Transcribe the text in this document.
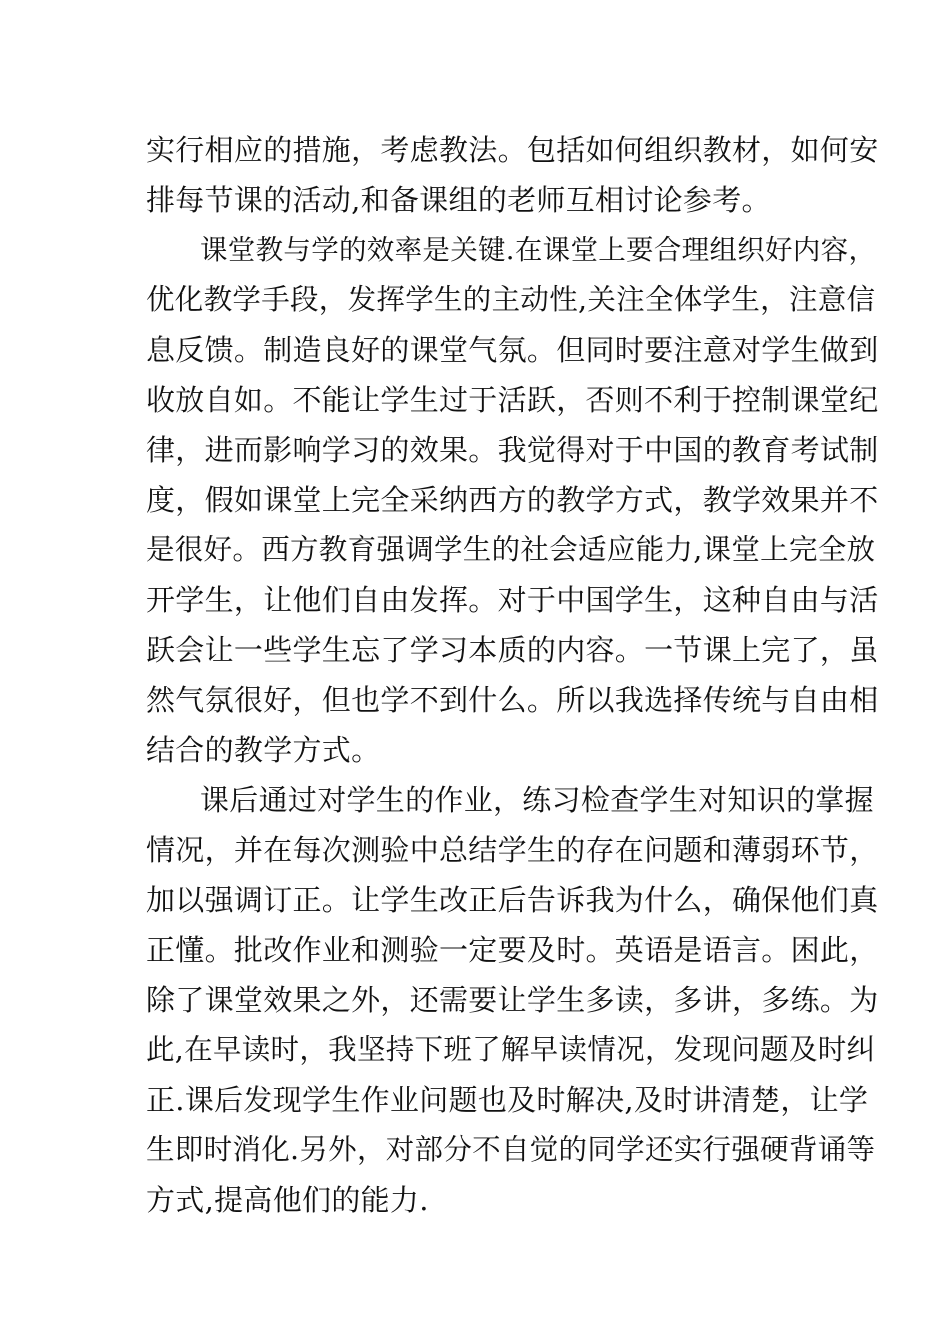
实行相应的措施，考虑教法。包括如何组织教材，如何安
排每节课的活动,和备课组的老师互相讨论参考。
课堂教与学的效率是关键.在课堂上要合理组织好内容，
优化教学手段，发挥学生的主动性,关注全体学生，注意信
息反馈。制造良好的课堂气氛。但同时要注意对学生做到
收放自如。不能让学生过于活跃，否则不利于控制课堂纪
律，进而影响学习的效果。我觉得对于中国的教育考试制
度，假如课堂上完全采纳西方的教学方式，教学效果并不
是很好。西方教育强调学生的社会适应能力,课堂上完全放
开学生，让他们自由发挥。对于中国学生，这种自由与活
跃会让一些学生忘了学习本质的内容。一节课上完了，虽
然气氛很好，但也学不到什么。所以我选择传统与自由相
结合的教学方式。
课后通过对学生的作业，练习检查学生对知识的掌握
情况，并在每次测验中总结学生的存在问题和薄弱环节，
加以强调订正。让学生改正后告诉我为什么，确保他们真
正懂。批改作业和测验一定要及时。英语是语言。困此，
除了课堂效果之外，还需要让学生多读，多讲，多练。为
此,在早读时，我坚持下班了解早读情况，发现问题及时纠
正.课后发现学生作业问题也及时解决,及时讲清楚，让学
生即时消化.另外，对部分不自觉的同学还实行强硬背诵等
方式,提高他们的能力.
